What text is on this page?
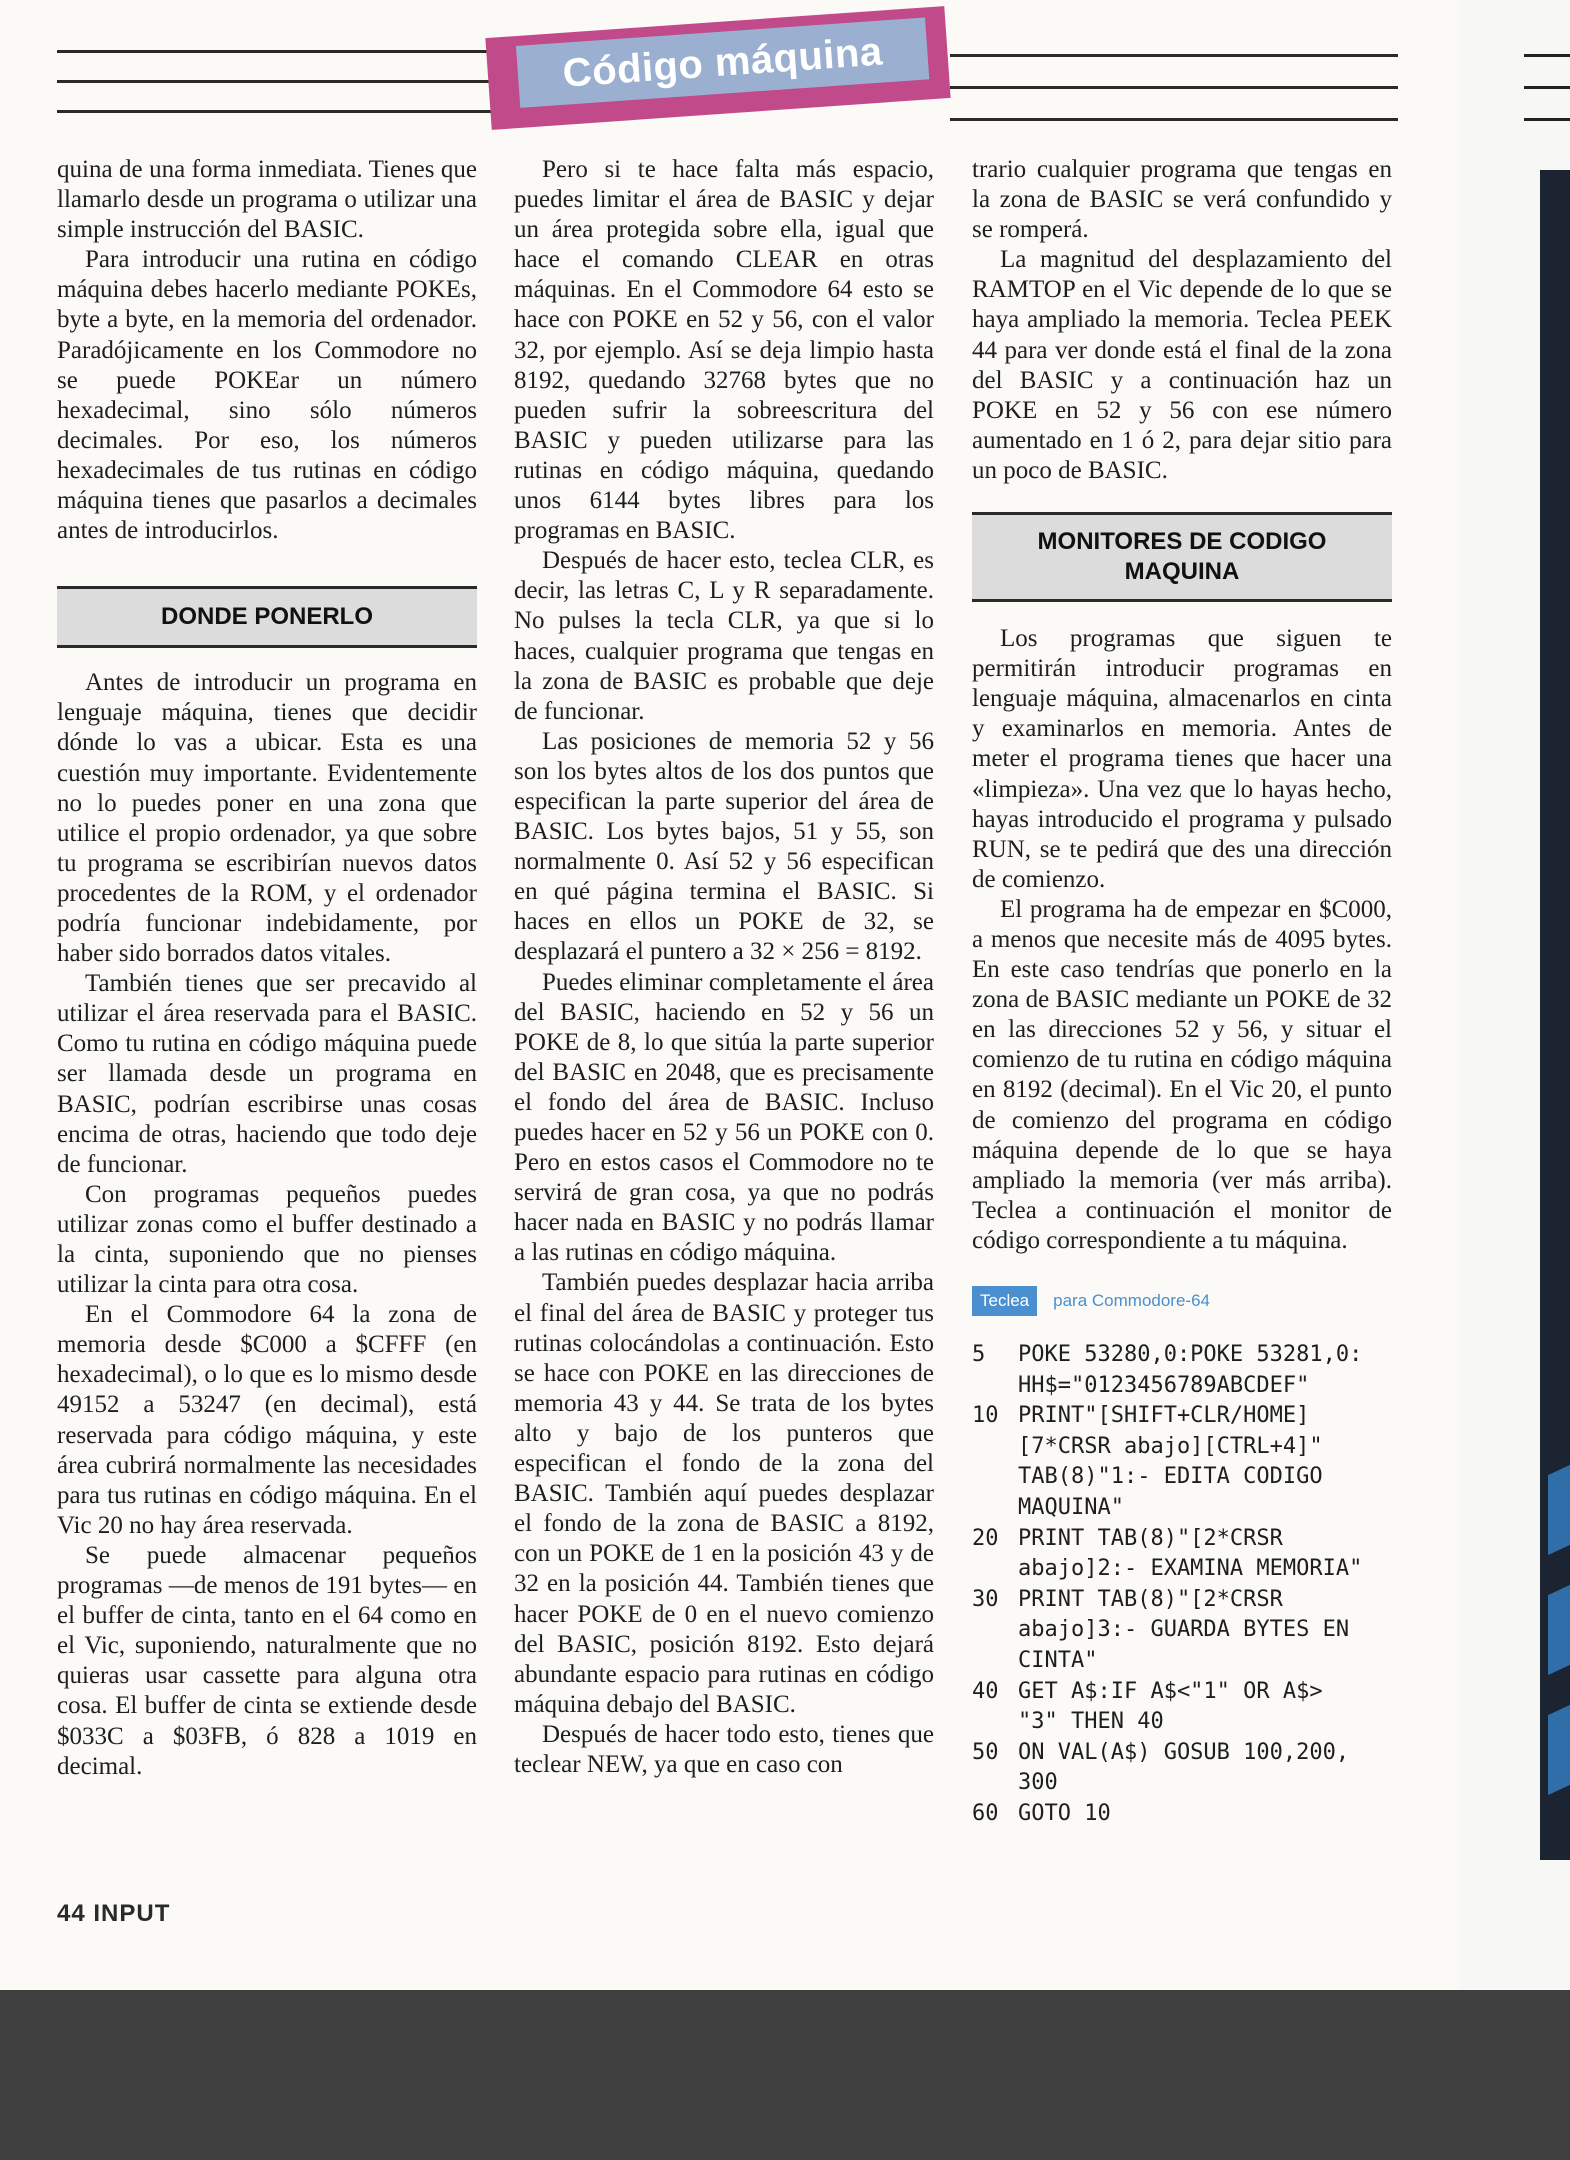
Código máquina

quina de una forma inmediata. Tienes que llamarlo desde un programa o utilizar una simple instrucción del BASIC.

Para introducir una rutina en código máquina debes hacerlo mediante POKEs, byte a byte, en la memoria del ordenador. Paradójicamente en los Commodore no se puede POKEar un número hexadecimal, sino sólo números decimales. Por eso, los números hexadecimales de tus rutinas en código máquina tienes que pasarlos a decimales antes de introducirlos.

DONDE PONERLO

Antes de introducir un programa en lenguaje máquina, tienes que decidir dónde lo vas a ubicar. Esta es una cuestión muy importante. Evidentemente no lo puedes poner en una zona que utilice el propio ordenador, ya que sobre tu programa se escribirían nuevos datos procedentes de la ROM, y el ordenador podría funcionar indebidamente, por haber sido borrados datos vitales.

También tienes que ser precavido al utilizar el área reservada para el BASIC. Como tu rutina en código máquina puede ser llamada desde un programa en BASIC, podrían escribirse unas cosas encima de otras, haciendo que todo deje de funcionar.

Con programas pequeños puedes utilizar zonas como el buffer destinado a la cinta, suponiendo que no pienses utilizar la cinta para otra cosa.

En el Commodore 64 la zona de memoria desde $C000 a $CFFF (en hexadecimal), o lo que es lo mismo desde 49152 a 53247 (en decimal), está reservada para código máquina, y este área cubrirá normalmente las necesidades para tus rutinas en código máquina. En el Vic 20 no hay área reservada.

Se puede almacenar pequeños programas —de menos de 191 bytes— en el buffer de cinta, tanto en el 64 como en el Vic, suponiendo, naturalmente que no quieras usar cassette para alguna otra cosa. El buffer de cinta se extiende desde $033C a $03FB, ó 828 a 1019 en decimal.

Pero si te hace falta más espacio, puedes limitar el área de BASIC y dejar un área protegida sobre ella, igual que hace el comando CLEAR en otras máquinas. En el Commodore 64 esto se hace con POKE en 52 y 56, con el valor 32, por ejemplo. Así se deja limpio hasta 8192, quedando 32768 bytes que no pueden sufrir la sobreescritura del BASIC y pueden utilizarse para las rutinas en código máquina, quedando unos 6144 bytes libres para los programas en BASIC.

Después de hacer esto, teclea CLR, es decir, las letras C, L y R separadamente. No pulses la tecla CLR, ya que si lo haces, cualquier programa que tengas en la zona de BASIC es probable que deje de funcionar.

Las posiciones de memoria 52 y 56 son los bytes altos de los dos puntos que especifican la parte superior del área de BASIC. Los bytes bajos, 51 y 55, son normalmente 0. Así 52 y 56 especifican en qué página termina el BASIC. Si haces en ellos un POKE de 32, se desplazará el puntero a 32 × 256 = 8192.

Puedes eliminar completamente el área del BASIC, haciendo en 52 y 56 un POKE de 8, lo que sitúa la parte superior del BASIC en 2048, que es precisamente el fondo del área de BASIC. Incluso puedes hacer en 52 y 56 un POKE con 0. Pero en estos casos el Commodore no te servirá de gran cosa, ya que no podrás hacer nada en BASIC y no podrás llamar a las rutinas en código máquina.

También puedes desplazar hacia arriba el final del área de BASIC y proteger tus rutinas colocándolas a continuación. Esto se hace con POKE en las direcciones de memoria 43 y 44. Se trata de los bytes alto y bajo de los punteros que especifican el fondo de la zona del BASIC. También aquí puedes desplazar el fondo de la zona de BASIC a 8192, con un POKE de 1 en la posición 43 y de 32 en la posición 44. También tienes que hacer POKE de 0 en el nuevo comienzo del BASIC, posición 8192. Esto dejará abundante espacio para rutinas en código máquina debajo del BASIC.

Después de hacer todo esto, tienes que teclear NEW, ya que en caso con

trario cualquier programa que tengas en la zona de BASIC se verá confundido y se romperá.

La magnitud del desplazamiento del RAMTOP en el Vic depende de lo que se haya ampliado la memoria. Teclea PEEK 44 para ver donde está el final de la zona del BASIC y a continuación haz un POKE en 52 y 56 con ese número aumentado en 1 ó 2, para dejar sitio para un poco de BASIC.

MONITORES DE CODIGO
MAQUINA

Los programas que siguen te permitirán introducir programas en lenguaje máquina, almacenarlos en cinta y examinarlos en memoria. Antes de meter el programa tienes que hacer una «limpieza». Una vez que lo hayas hecho, hayas introducido el programa y pulsado RUN, se te pedirá que des una dirección de comienzo.

El programa ha de empezar en $C000, a menos que necesite más de 4095 bytes. En este caso tendrías que ponerlo en la zona de BASIC mediante un POKE de 32 en las direcciones 52 y 56, y situar el comienzo de tu rutina en código máquina en 8192 (decimal). En el Vic 20, el punto de comienzo del programa en código máquina depende de lo que se haya ampliado la memoria (ver más arriba). Teclea a continuación el monitor de código correspondiente a tu máquina.

Teclea	para Commodore-64
5	POKE 53280,0:POKE 53281,0:
HH$="0123456789ABCDEF"
10 PRINT"[SHIFT+CLR/HOME]
[7*CRSR abajo][CTRL+4]"
TAB(8)"1:- EDITA CODIGO
MAQUINA"
20 PRINT TAB(8)"[2*CRSR
abajo]2:- EXAMINA MEMORIA"
30 PRINT TAB(8)"[2*CRSR
abajo]3:- GUARDA BYTES EN
CINTA"
40 GET A$:IF A$<"1" OR A$>
"3" THEN 40
50 ON VAL(A$) GOSUB 100,200,
300
60 GOTO 10
44 INPUT
